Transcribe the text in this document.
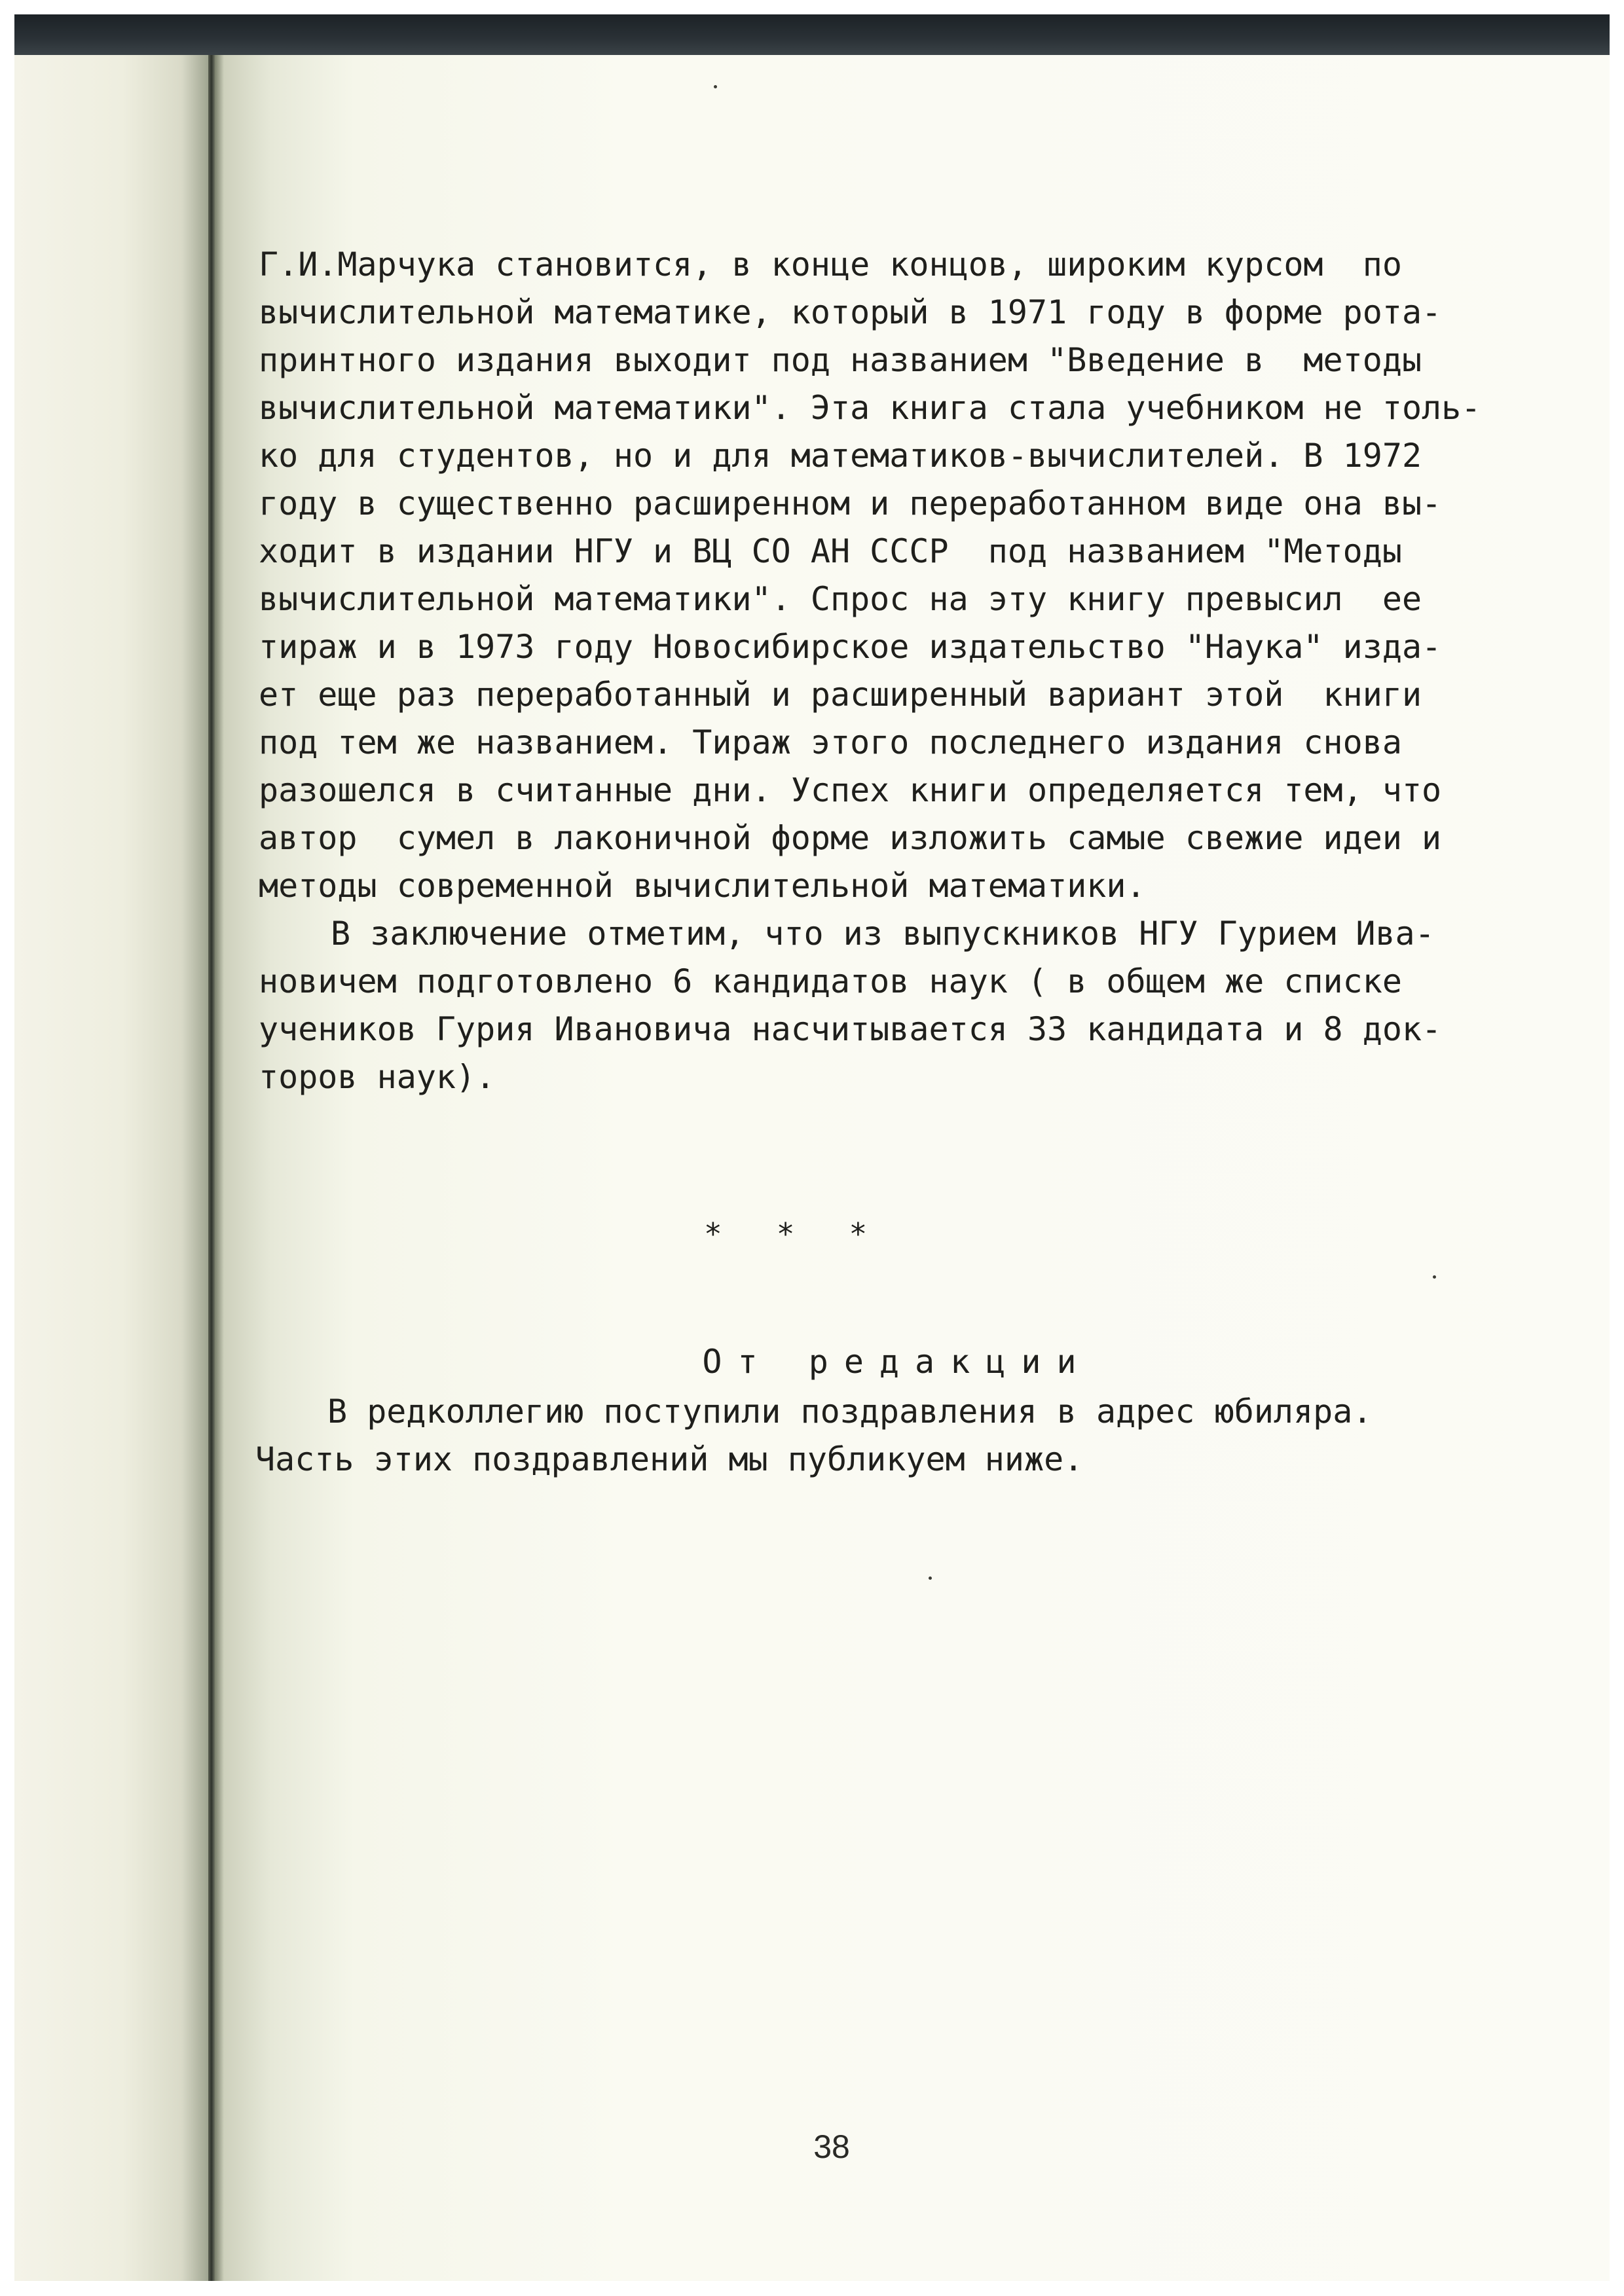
Г.И.Марчука становится, в конце концов, широким курсом  по

вычислительной математике, который в 1971 году в форме рота-

принтного издания выходит под названием "Введение в  методы

вычислительной математики". Эта книга стала учебником не толь-

ко для студентов, но и для математиков-вычислителей. В 1972

году в существенно расширенном и переработанном виде она вы-

ходит в издании НГУ и ВЦ СО АН СССР  под названием "Методы

вычислительной математики". Спрос на эту книгу превысил  ее

тираж и в 1973 году Новосибирское издательство "Наука" изда-

ет еще раз переработанный и расширенный вариант этой  книги

под тем же названием. Тираж этого последнего издания снова

разошелся в считанные дни. Успех книги определяется тем, что

автор  сумел в лаконичной форме изложить самые свежие идеи и

методы современной вычислительной математики.

В заключение отметим, что из выпускников НГУ Гурием Ива-

новичем подготовлено 6 кандидатов наук ( в общем же списке

учеников Гурия Ивановича насчитывается 33 кандидата и 8 док-

торов наук).

*   *   *

От редакции

В редколлегию поступили поздравления в адрес юбиляра.

Часть этих поздравлений мы публикуем ниже.

38
